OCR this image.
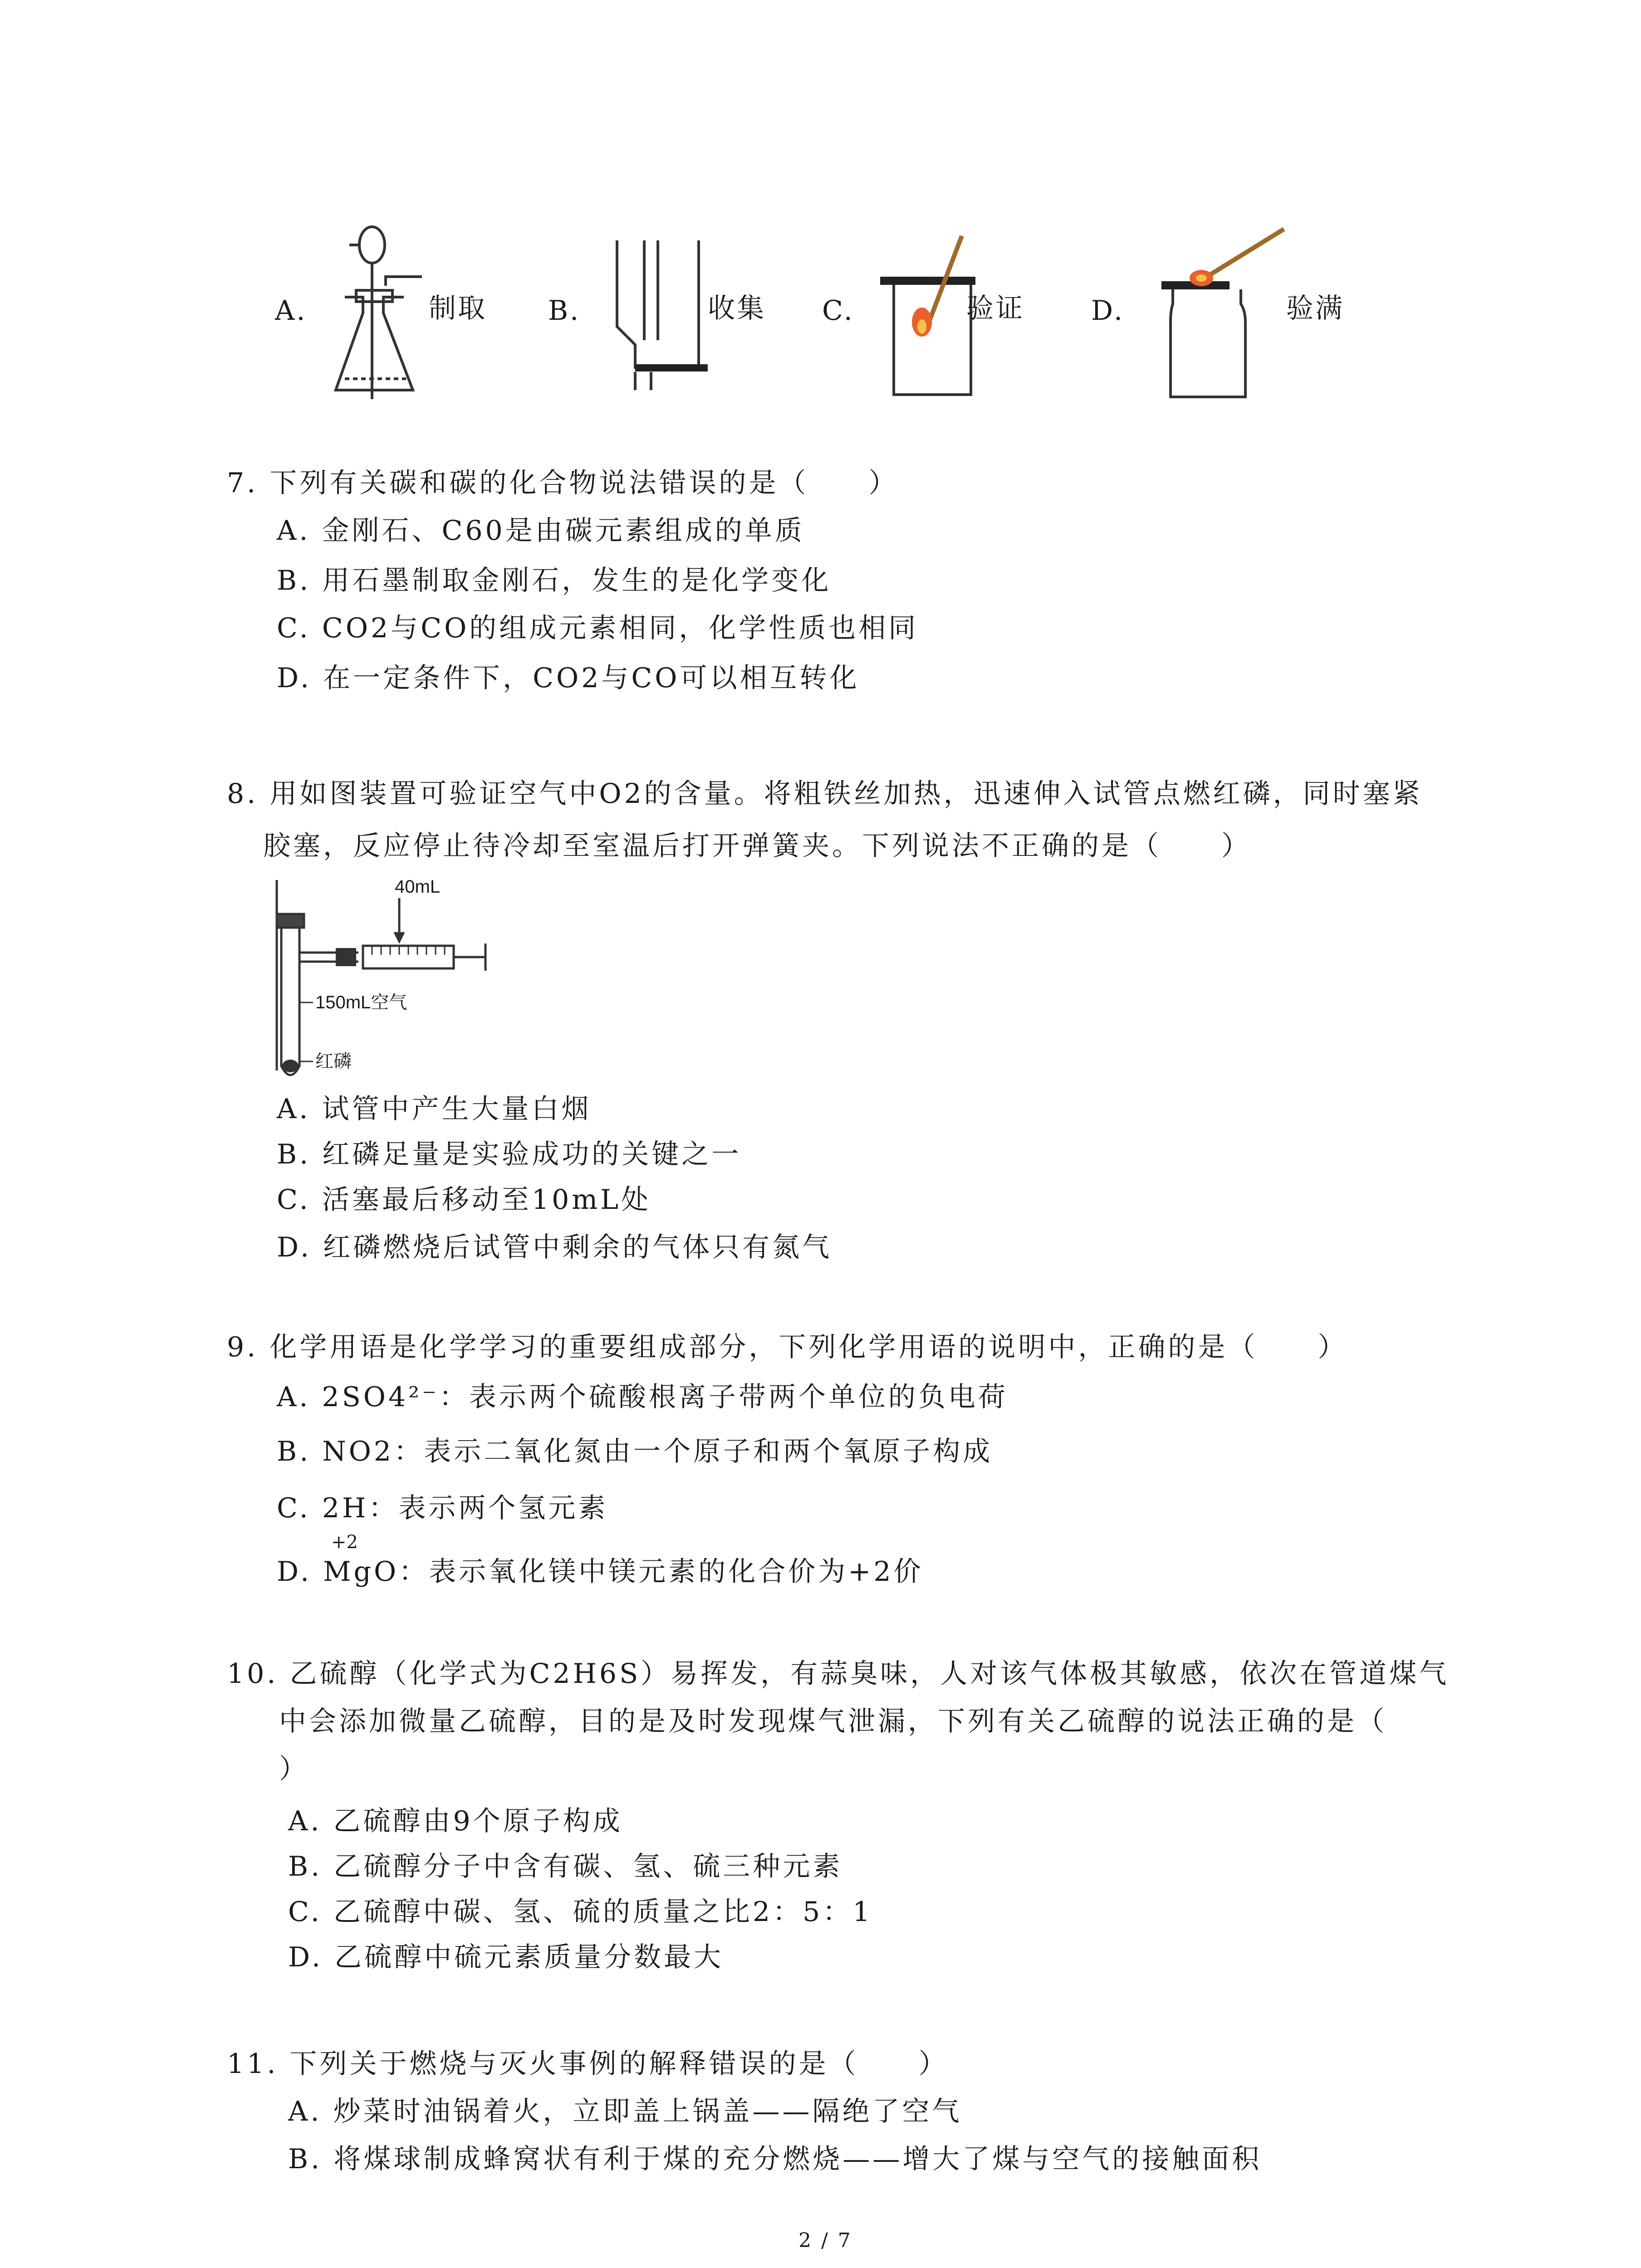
A.	制取 B.	收集 C.	验证 D.	验满
7. 下列有关碳和碳的化合物说法错误的是（　　）
A. 金刚石、C60是由碳元素组成的单质
B. 用石墨制取金刚石，发生的是化学变化
C. CO2与CO的组成元素相同，化学性质也相同
D. 在一定条件下，CO2与CO可以相互转化
8. 用如图装置可验证空气中O2的含量。将粗铁丝加热，迅速伸入试管点燃红磷，同时塞紧
胶塞，反应停止待冷却至室温后打开弹簧夹。下列说法不正确的是（　　）
40mL
150mL空气
红磷
A. 试管中产生大量白烟
B. 红磷足量是实验成功的关键之一
C. 活塞最后移动至10mL处
D. 红磷燃烧后试管中剩余的气体只有氮气
9. 化学用语是化学学习的重要组成部分，下列化学用语的说明中，正确的是（　　）
A. 2SO4²⁻：表示两个硫酸根离子带两个单位的负电荷
B. NO2：表示二氧化氮由一个原子和两个氧原子构成
C. 2H：表示两个氢元素
+2
D. MgO：表示氧化镁中镁元素的化合价为+2价
10. 乙硫醇（化学式为C2H6S）易挥发，有蒜臭味，人对该气体极其敏感，依次在管道煤气
中会添加微量乙硫醇，目的是及时发现煤气泄漏，下列有关乙硫醇的说法正确的是（
）
A. 乙硫醇由9个原子构成
B. 乙硫醇分子中含有碳、氢、硫三种元素
C. 乙硫醇中碳、氢、硫的质量之比2：5：1
D. 乙硫醇中硫元素质量分数最大
11. 下列关于燃烧与灭火事例的解释错误的是（　　）
A. 炒菜时油锅着火，立即盖上锅盖——隔绝了空气
B. 将煤球制成蜂窝状有利于煤的充分燃烧——增大了煤与空气的接触面积
2 / 7
